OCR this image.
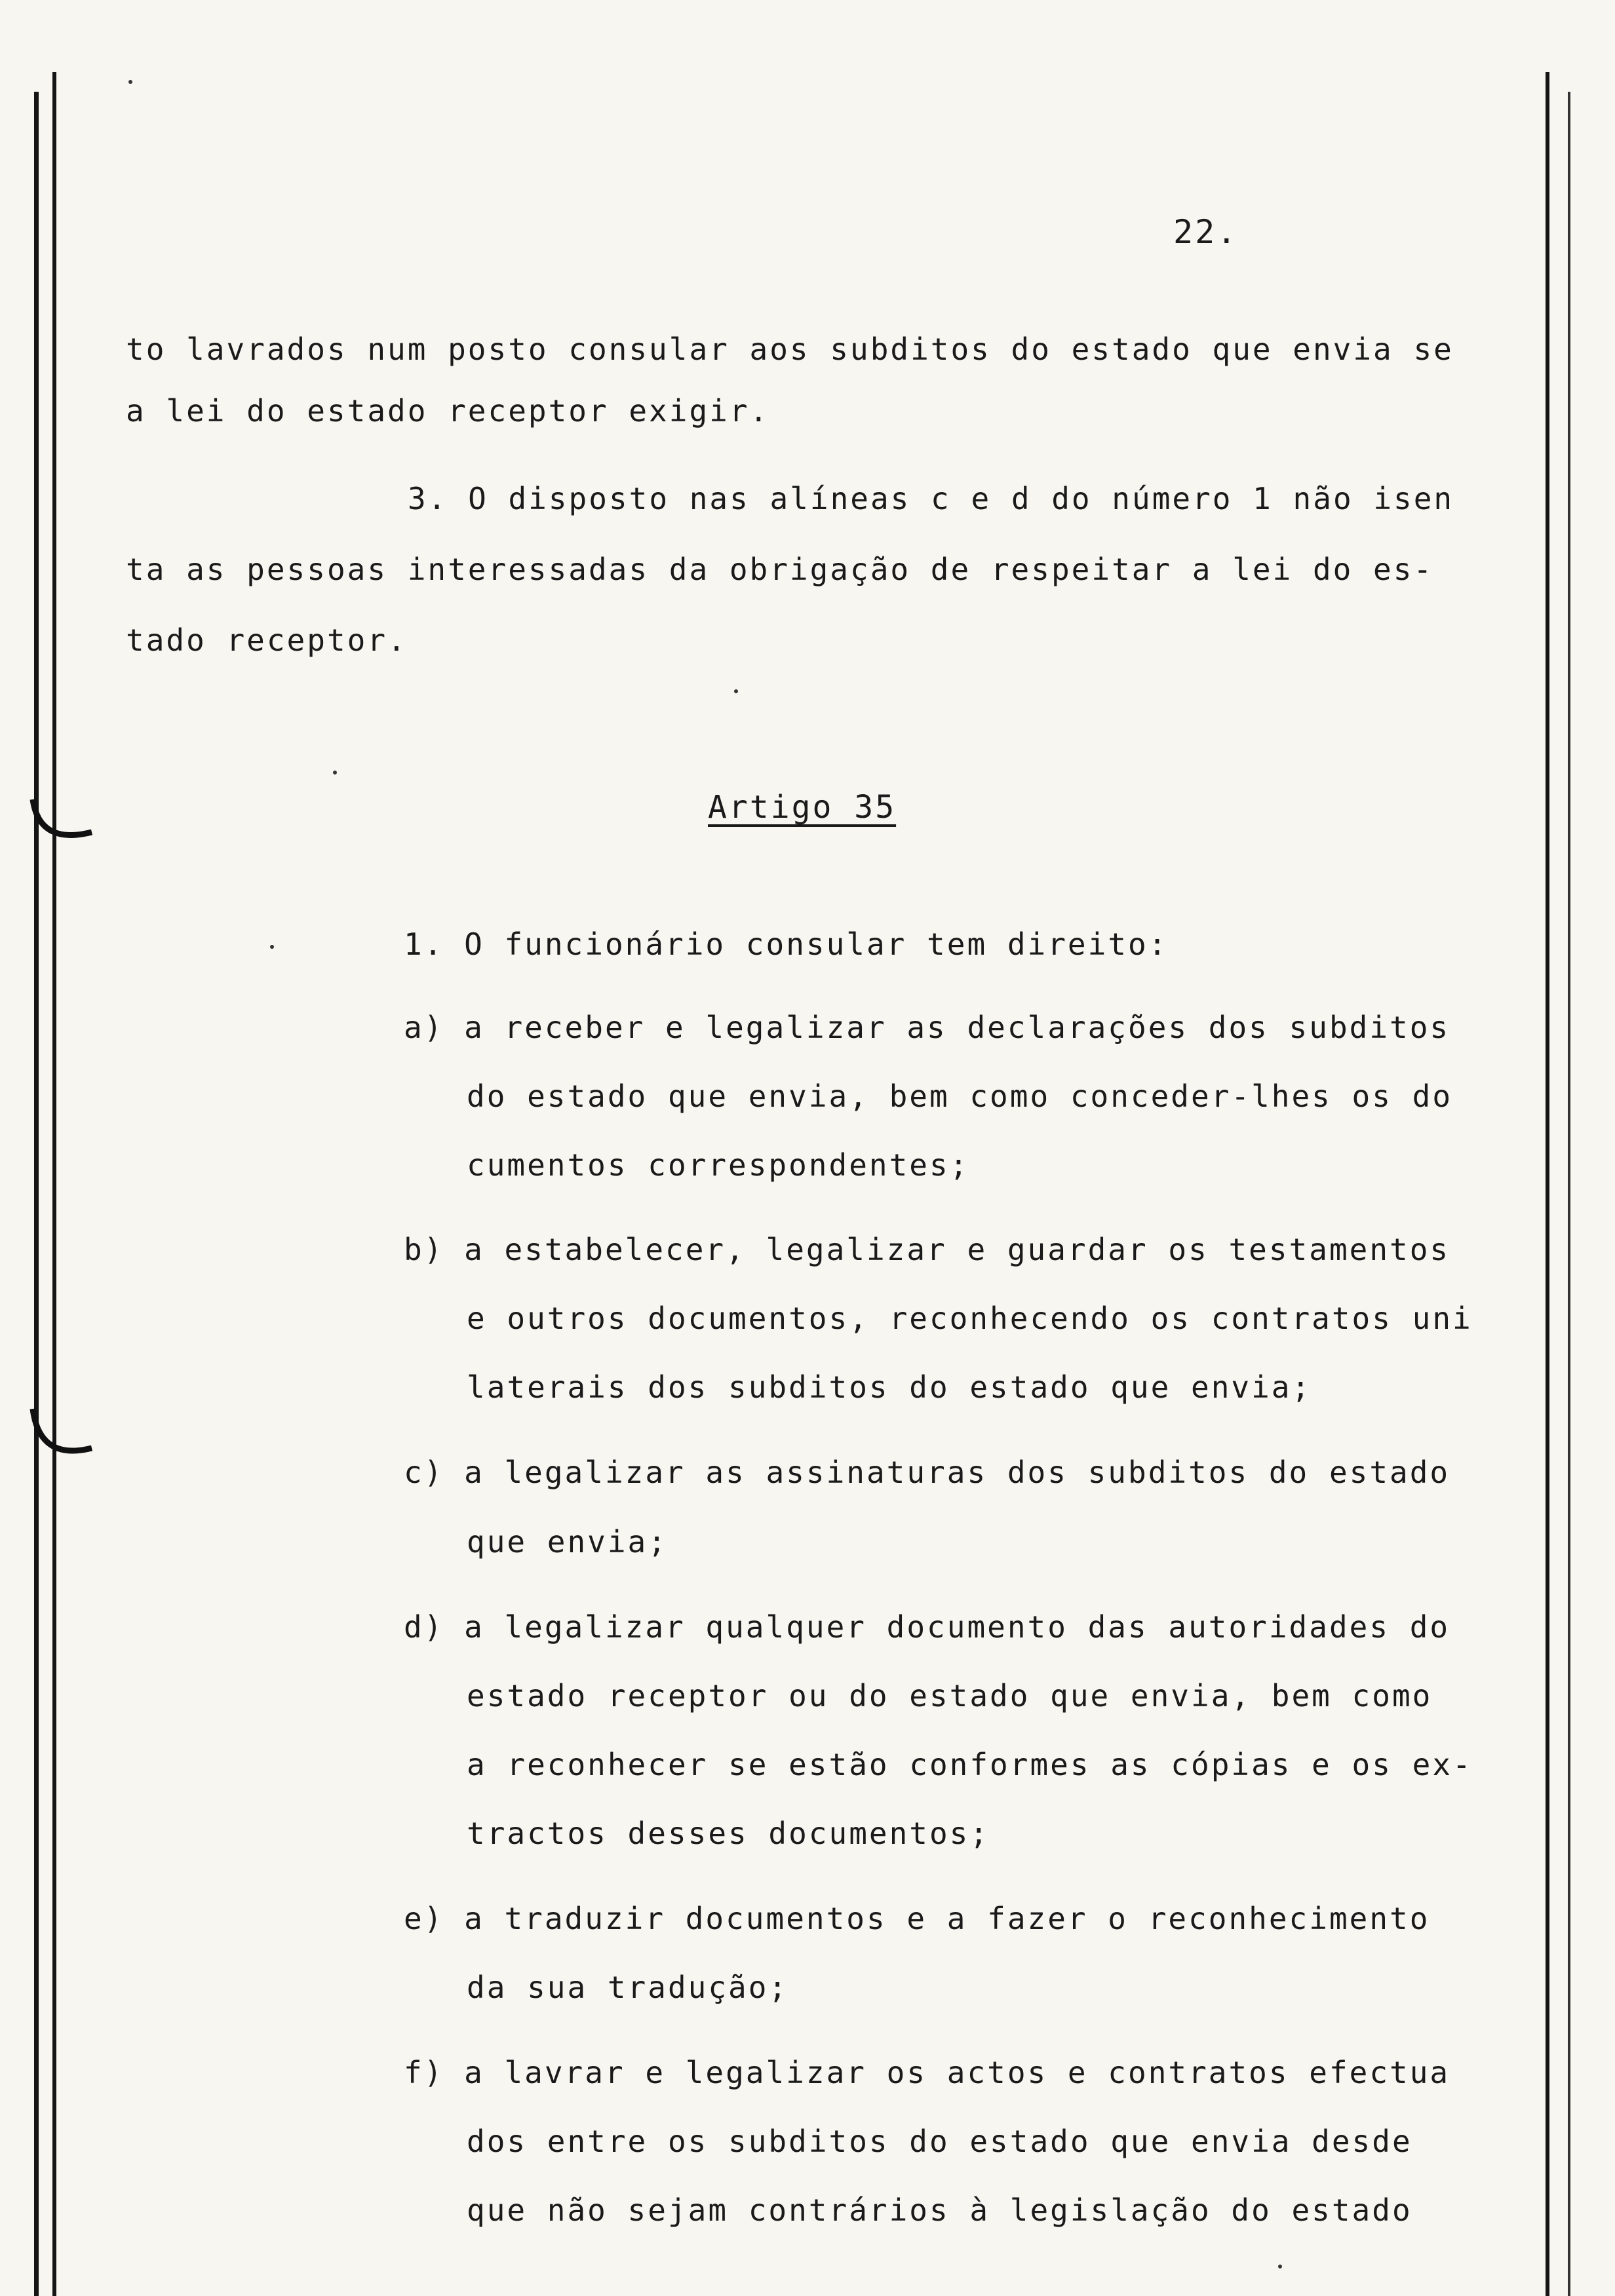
22.
to lavrados num posto consular aos subditos do estado que envia se
a lei do estado receptor exigir.
3. O disposto nas alíneas c e d do número 1 não isen
ta as pessoas interessadas da obrigação de respeitar a lei do es-
tado receptor.
Artigo 35
1. O funcionário consular tem direito:
a) a receber e legalizar as declarações dos subditos
do estado que envia, bem como conceder-lhes os do
cumentos correspondentes;
b) a estabelecer, legalizar e guardar os testamentos
e outros documentos, reconhecendo os contratos uni
laterais dos subditos do estado que envia;
c) a legalizar as assinaturas dos subditos do estado
que envia;
d) a legalizar qualquer documento das autoridades do
estado receptor ou do estado que envia, bem como
a reconhecer se estão conformes as cópias e os ex-
tractos desses documentos;
e) a traduzir documentos e a fazer o reconhecimento
da sua tradução;
f) a lavrar e legalizar os actos e contratos efectua
dos entre os subditos do estado que envia desde
que não sejam contrários à legislação do estado
